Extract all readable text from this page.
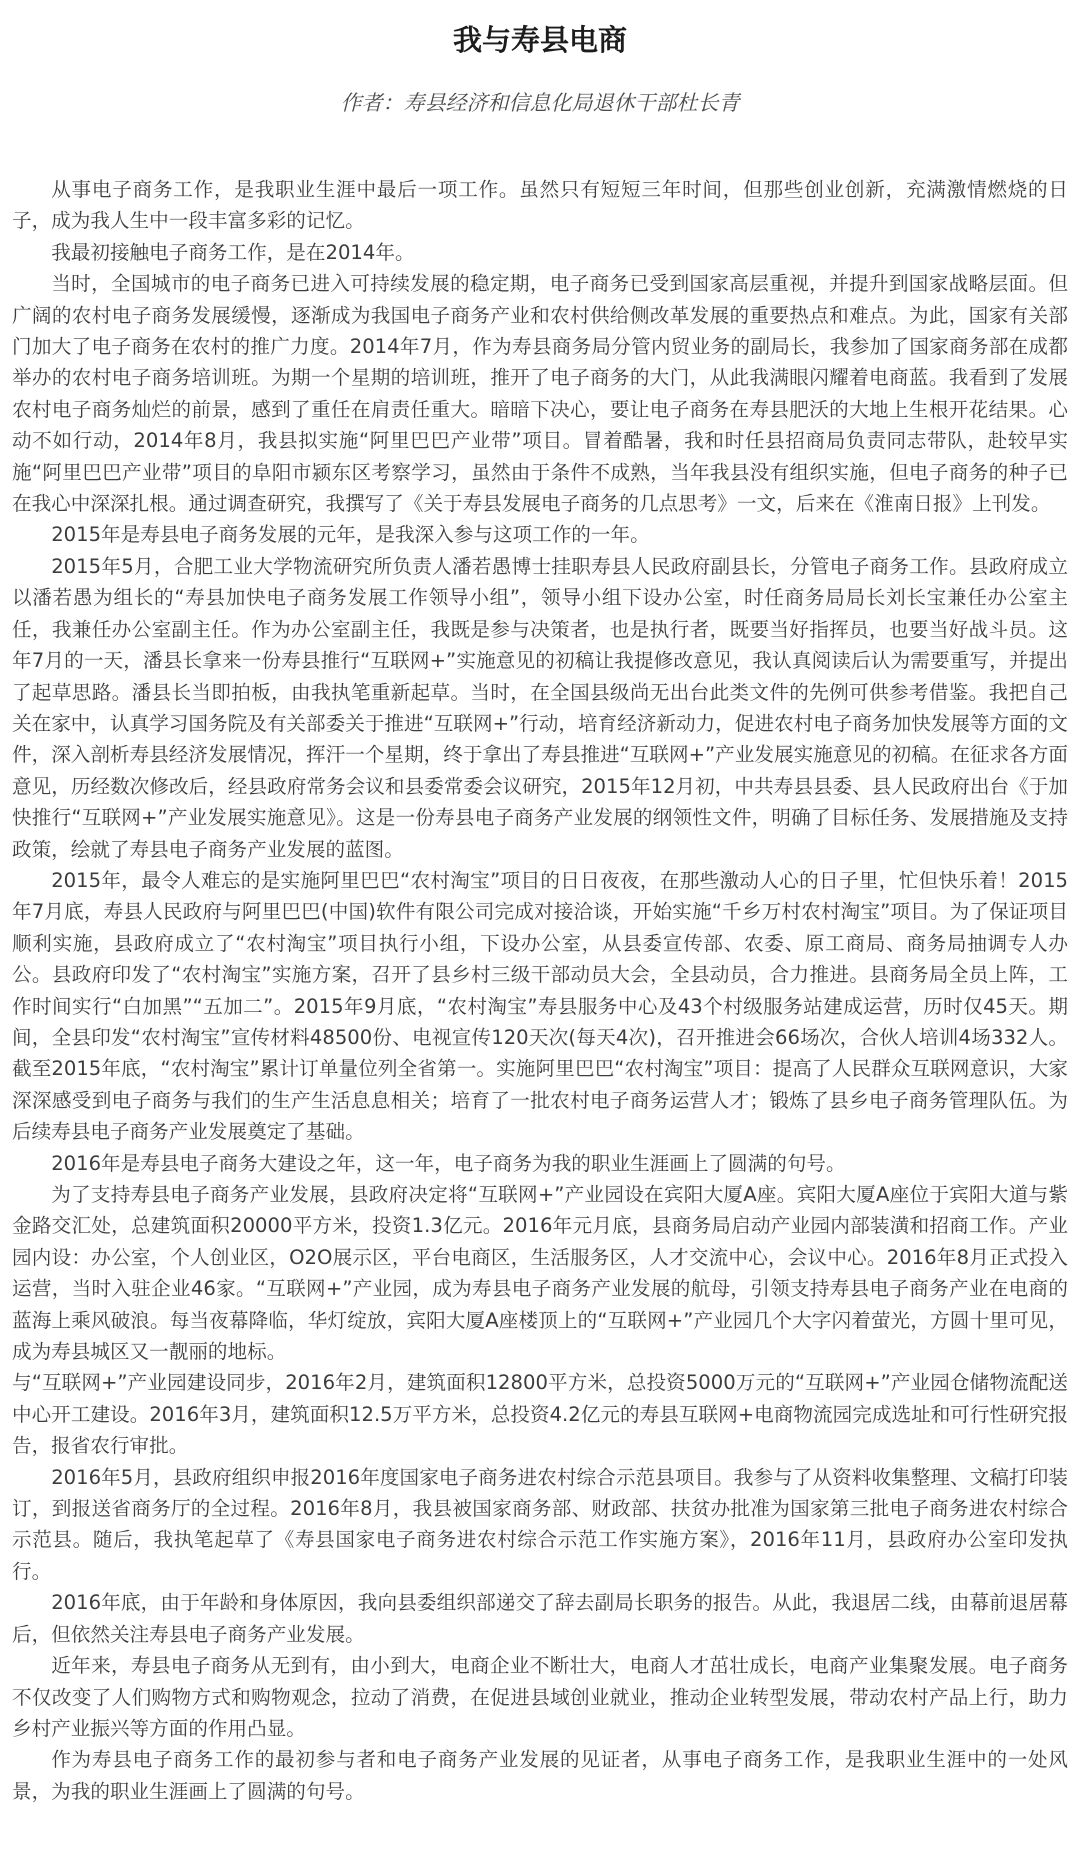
我与寿县电商
作者：寿县经济和信息化局退休干部杜长青

从事电子商务工作，是我职业生涯中最后一项工作。虽然只有短短三年时间，但那些创业创新，充满激情燃烧的日子，成为我人生中一段丰富多彩的记忆。

我最初接触电子商务工作，是在2014年。

当时，全国城市的电子商务已进入可持续发展的稳定期，电子商务已受到国家高层重视，并提升到国家战略层面。但广阔的农村电子商务发展缓慢，逐渐成为我国电子商务产业和农村供给侧改革发展的重要热点和难点。为此，国家有关部门加大了电子商务在农村的推广力度。2014年7月，作为寿县商务局分管内贸业务的副局长，我参加了国家商务部在成都举办的农村电子商务培训班。为期一个星期的培训班，推开了电子商务的大门，从此我满眼闪耀着电商蓝。我看到了发展农村电子商务灿烂的前景，感到了重任在肩责任重大。暗暗下决心，要让电子商务在寿县肥沃的大地上生根开花结果。心动不如行动，2014年8月，我县拟实施“阿里巴巴产业带”项目。冒着酷暑，我和时任县招商局负责同志带队，赴较早实施“阿里巴巴产业带”项目的阜阳市颍东区考察学习，虽然由于条件不成熟，当年我县没有组织实施，但电子商务的种子已在我心中深深扎根。通过调查研究，我撰写了《关于寿县发展电子商务的几点思考》一文，后来在《淮南日报》上刊发。

2015年是寿县电子商务发展的元年，是我深入参与这项工作的一年。

2015年5月，合肥工业大学物流研究所负责人潘若愚博士挂职寿县人民政府副县长，分管电子商务工作。县政府成立以潘若愚为组长的“寿县加快电子商务发展工作领导小组”，领导小组下设办公室，时任商务局局长刘长宝兼任办公室主任，我兼任办公室副主任。作为办公室副主任，我既是参与决策者，也是执行者，既要当好指挥员，也要当好战斗员。这年7月的一天，潘县长拿来一份寿县推行“互联网+”实施意见的初稿让我提修改意见，我认真阅读后认为需要重写，并提出了起草思路。潘县长当即拍板，由我执笔重新起草。当时，在全国县级尚无出台此类文件的先例可供参考借鉴。我把自己关在家中，认真学习国务院及有关部委关于推进“互联网+”行动，培育经济新动力，促进农村电子商务加快发展等方面的文件，深入剖析寿县经济发展情况，挥汗一个星期，终于拿出了寿县推进“互联网+”产业发展实施意见的初稿。在征求各方面意见，历经数次修改后，经县政府常务会议和县委常委会议研究，2015年12月初，中共寿县县委、县人民政府出台《于加快推行“互联网+”产业发展实施意见》。这是一份寿县电子商务产业发展的纲领性文件，明确了目标任务、发展措施及支持政策，绘就了寿县电子商务产业发展的蓝图。

2015年，最令人难忘的是实施阿里巴巴“农村淘宝”项目的日日夜夜，在那些激动人心的日子里，忙但快乐着！2015年7月底，寿县人民政府与阿里巴巴(中国)软件有限公司完成对接洽谈，开始实施“千乡万村农村淘宝”项目。为了保证项目顺利实施，县政府成立了“农村淘宝”项目执行小组，下设办公室，从县委宣传部、农委、原工商局、商务局抽调专人办公。县政府印发了“农村淘宝”实施方案，召开了县乡村三级干部动员大会，全县动员，合力推进。县商务局全员上阵，工作时间实行“白加黑”“五加二”。2015年9月底，“农村淘宝”寿县服务中心及43个村级服务站建成运营，历时仅45天。期间，全县印发“农村淘宝”宣传材料48500份、电视宣传120天次(每天4次)，召开推进会66场次，合伙人培训4场332人。截至2015年底，“农村淘宝”累计订单量位列全省第一。实施阿里巴巴“农村淘宝”项目：提高了人民群众互联网意识，大家深深感受到电子商务与我们的生产生活息息相关；培育了一批农村电子商务运营人才；锻炼了县乡电子商务管理队伍。为后续寿县电子商务产业发展奠定了基础。

2016年是寿县电子商务大建设之年，这一年，电子商务为我的职业生涯画上了圆满的句号。

为了支持寿县电子商务产业发展，县政府决定将“互联网+”产业园设在宾阳大厦A座。宾阳大厦A座位于宾阳大道与紫金路交汇处，总建筑面积20000平方米，投资1.3亿元。2016年元月底，县商务局启动产业园内部装潢和招商工作。产业园内设：办公室，个人创业区，O2O展示区，平台电商区，生活服务区，人才交流中心，会议中心。2016年8月正式投入运营，当时入驻企业46家。“互联网+”产业园，成为寿县电子商务产业发展的航母，引领支持寿县电子商务产业在电商的蓝海上乘风破浪。每当夜幕降临，华灯绽放，宾阳大厦A座楼顶上的“互联网+”产业园几个大字闪着萤光，方圆十里可见，成为寿县城区又一靓丽的地标。

与“互联网+”产业园建设同步，2016年2月，建筑面积12800平方米，总投资5000万元的“互联网+”产业园仓储物流配送中心开工建设。2016年3月，建筑面积12.5万平方米，总投资4.2亿元的寿县互联网+电商物流园完成选址和可行性研究报告，报省农行审批。

2016年5月，县政府组织申报2016年度国家电子商务进农村综合示范县项目。我参与了从资料收集整理、文稿打印装订，到报送省商务厅的全过程。2016年8月，我县被国家商务部、财政部、扶贫办批准为国家第三批电子商务进农村综合示范县。随后，我执笔起草了《寿县国家电子商务进农村综合示范工作实施方案》，2016年11月，县政府办公室印发执行。

2016年底，由于年龄和身体原因，我向县委组织部递交了辞去副局长职务的报告。从此，我退居二线，由幕前退居幕后，但依然关注寿县电子商务产业发展。

近年来，寿县电子商务从无到有，由小到大，电商企业不断壮大，电商人才茁壮成长，电商产业集聚发展。电子商务不仅改变了人们购物方式和购物观念，拉动了消费，在促进县域创业就业，推动企业转型发展，带动农村产品上行，助力乡村产业振兴等方面的作用凸显。

作为寿县电子商务工作的最初参与者和电子商务产业发展的见证者，从事电子商务工作，是我职业生涯中的一处风景，为我的职业生涯画上了圆满的句号。
